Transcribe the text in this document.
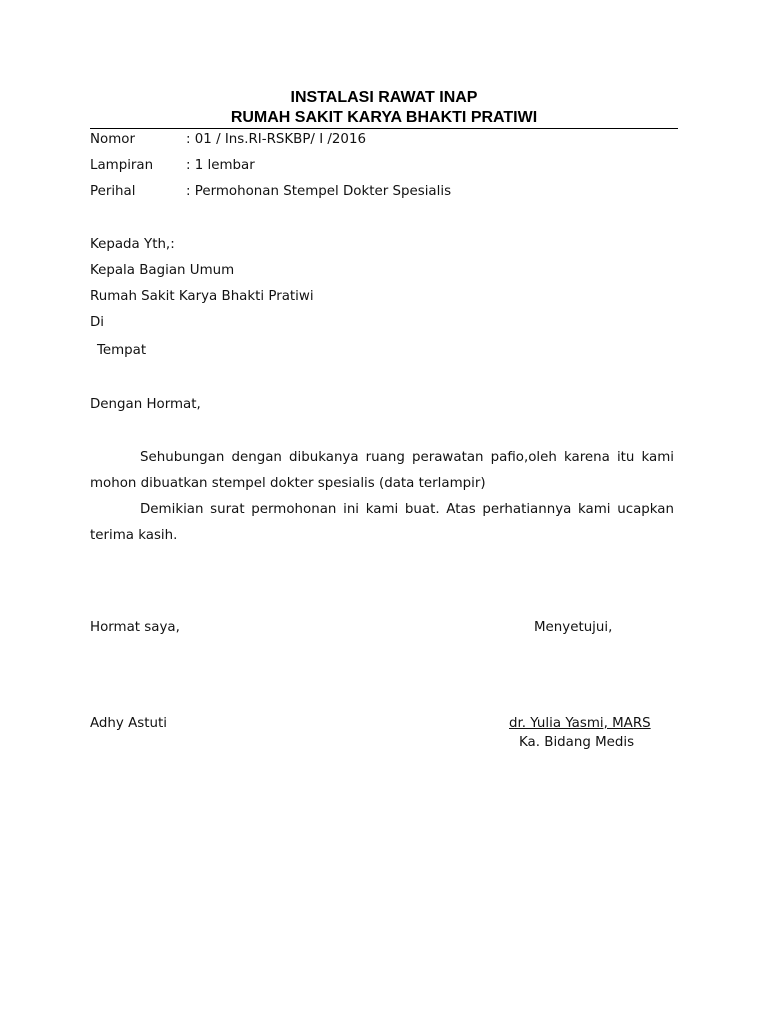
INSTALASI RAWAT INAP
RUMAH SAKIT KARYA BHAKTI PRATIWI
Nomor	: 01 / Ins.RI-RSKBP/ I /2016
Lampiran : 1 lembar
Perihal	: Permohonan Stempel Dokter Spesialis
Kepada Yth,:
Kepala Bagian Umum
Rumah Sakit Karya Bhakti Pratiwi
Di
Tempat
Dengan Hormat,
Sehubungan dengan dibukanya ruang perawatan pafio,oleh karena itu kami mohon dibuatkan stempel dokter spesialis (data terlampir)
Demikian surat permohonan ini kami buat. Atas perhatiannya kami ucapkan terima kasih.
Hormat saya,	Menyetujui,
Adhy Astuti	dr. Yulia Yasmi, MARS
Ka. Bidang Medis
